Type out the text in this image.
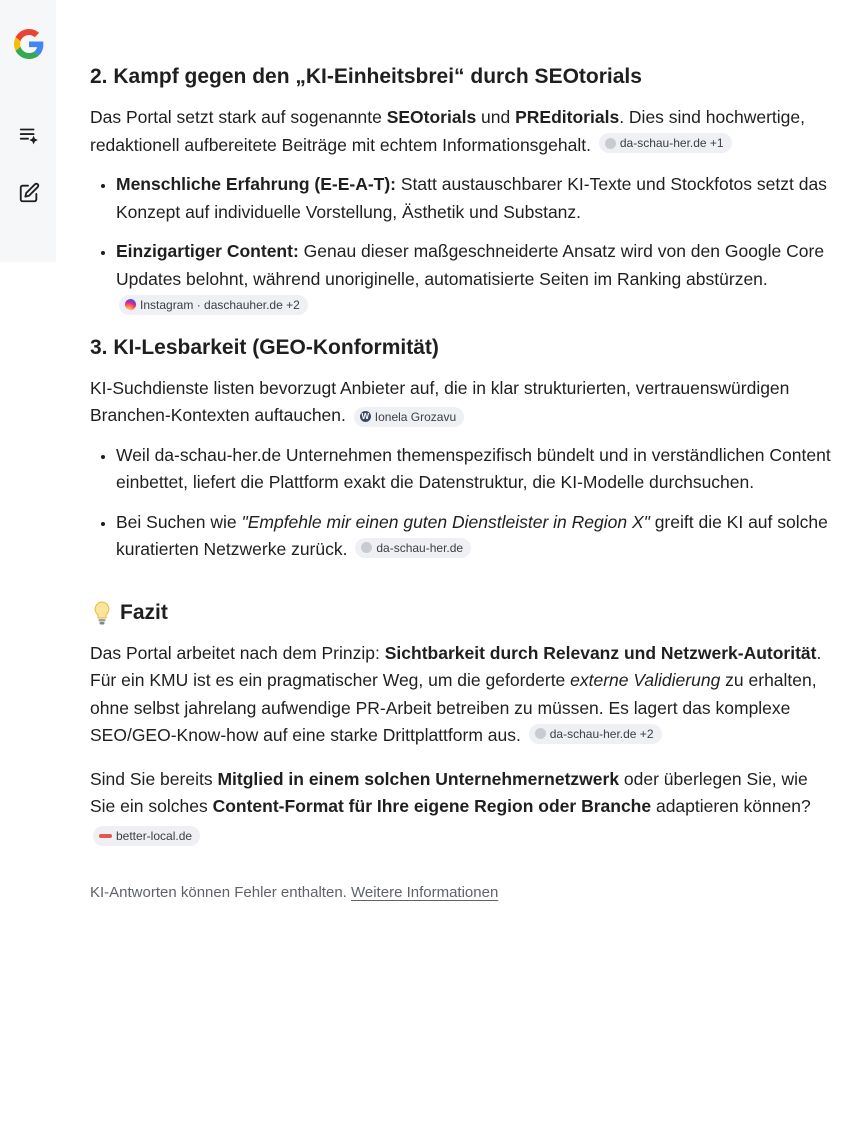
2. Kampf gegen den „KI-Einheitsbrei“ durch SEOtorials

Das Portal setzt stark auf sogenannte SEOtorials und PREditorials. Dies sind hochwertige, redaktionell aufbereitete Beiträge mit echtem Informationsgehalt. da-schau-her.de +1

• Menschliche Erfahrung (E-E-A-T): Statt austauschbarer KI-Texte und Stockfotos setzt das Konzept auf individuelle Vorstellung, Ästhetik und Substanz.
• Einzigartiger Content: Genau dieser maßgeschneiderte Ansatz wird von den Google Core Updates belohnt, während unoriginelle, automatisierte Seiten im Ranking abstürzen.
Instagram · daschauher.de +2
3. KI-Lesbarkeit (GEO-Konformität)

KI-Suchdienste listen bevorzugt Anbieter auf, die in klar strukturierten, vertrauenswürdigen Branchen-Kontexten auftauchen. W Ionela Grozavu

• Weil da-schau-her.de Unternehmen themenspezifisch bündelt und in verständlichen Content einbettet, liefert die Plattform exakt die Datenstruktur, die KI-Modelle durchsuchen.
• Bei Suchen wie "Empfehle mir einen guten Dienstleister in Region X" greift die KI auf solche kuratierten Netzwerke zurück. da-schau-her.de
Fazit

Das Portal arbeitet nach dem Prinzip: Sichtbarkeit durch Relevanz und Netzwerk-Autorität. Für ein KMU ist es ein pragmatischer Weg, um die geforderte externe Validierung zu erhalten, ohne selbst jahrelang aufwendige PR-Arbeit betreiben zu müssen. Es lagert das komplexe SEO/GEO-Know-how auf eine starke Drittplattform aus. da-schau-her.de +2

Sind Sie bereits Mitglied in einem solchen Unternehmernetzwerk oder überlegen Sie, wie Sie ein solches Content-Format für Ihre eigene Region oder Branche adaptieren können?
better-local.de

KI-Antworten können Fehler enthalten. Weitere Informationen
